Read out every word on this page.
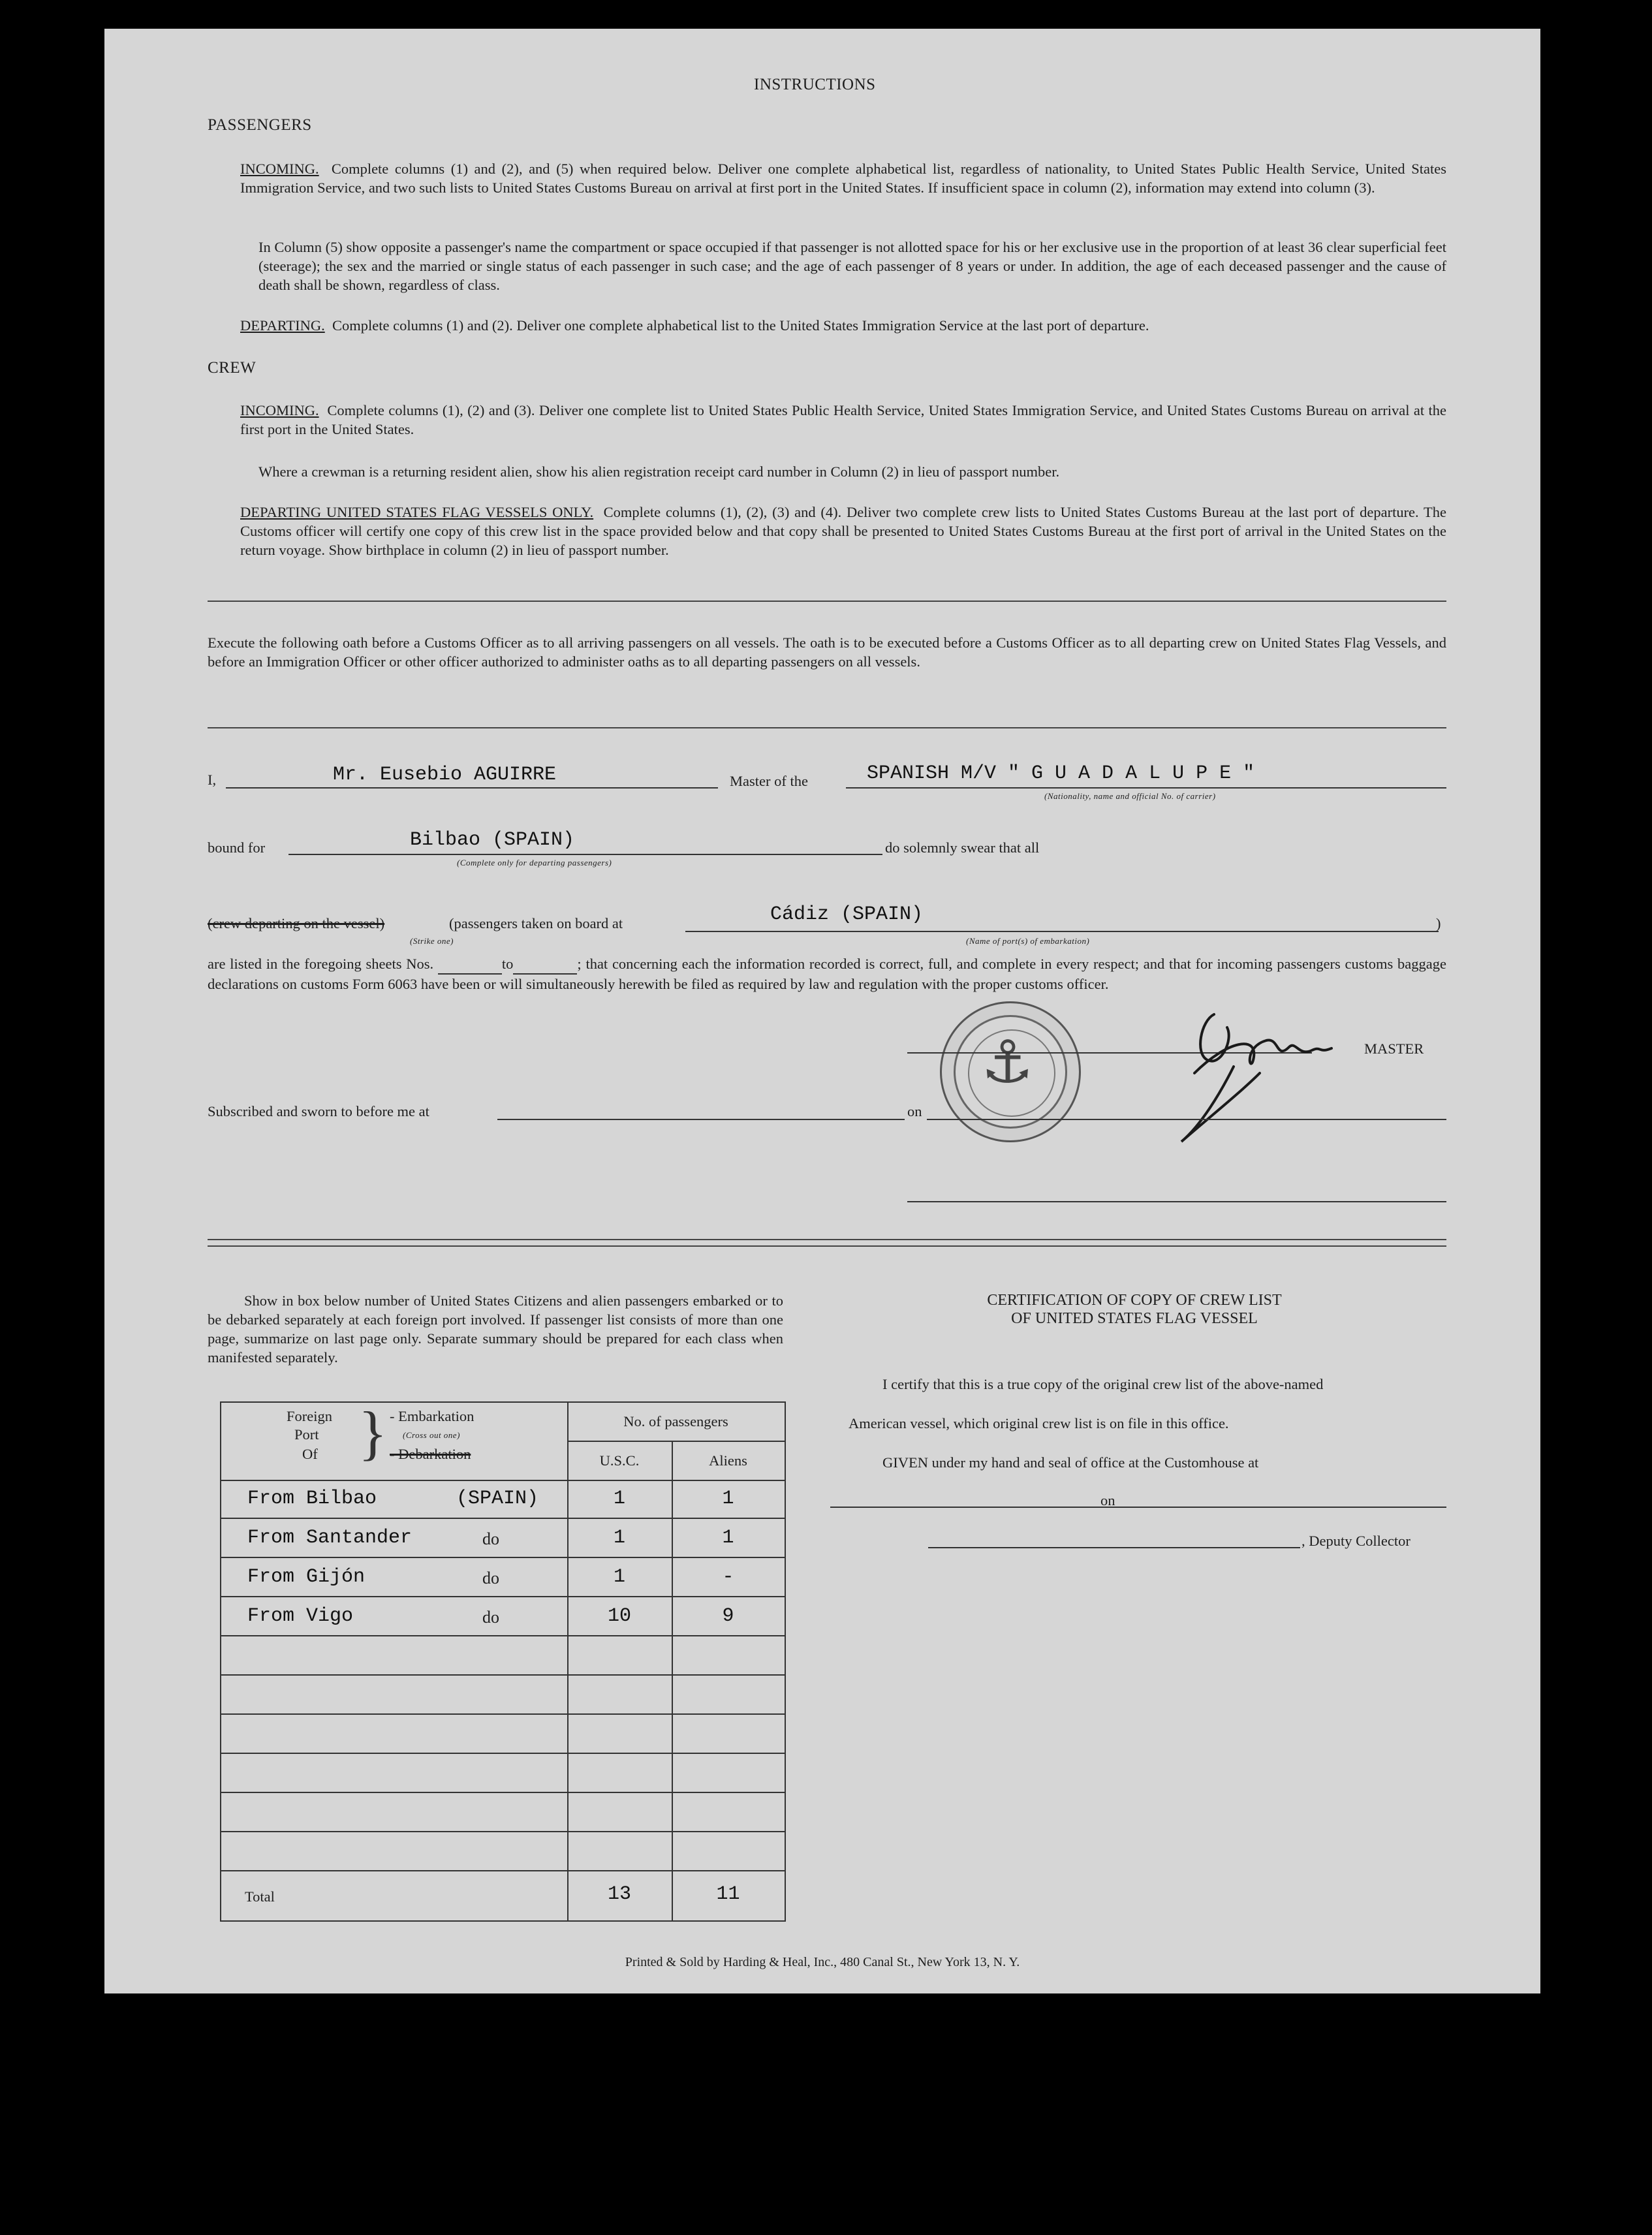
INSTRUCTIONS
PASSENGERS
INCOMING. Complete columns (1) and (2), and (5) when required below. Deliver one complete alphabetical list, regardless of nationality, to United States Public Health Service, United States Immigration Service, and two such lists to United States Customs Bureau on arrival at first port in the United States. If insufficient space in column (2), information may extend into column (3).
In Column (5) show opposite a passenger's name the compartment or space occupied if that passenger is not allotted space for his or her exclusive use in the proportion of at least 36 clear superficial feet (steerage); the sex and the married or single status of each passenger in such case; and the age of each passenger of 8 years or under. In addition, the age of each deceased passenger and the cause of death shall be shown, regardless of class.
DEPARTING. Complete columns (1) and (2). Deliver one complete alphabetical list to the United States Immigration Service at the last port of departure.
CREW
INCOMING. Complete columns (1), (2) and (3). Deliver one complete list to United States Public Health Service, United States Immigration Service, and United States Customs Bureau on arrival at the first port in the United States.
Where a crewman is a returning resident alien, show his alien registration receipt card number in Column (2) in lieu of passport number.
DEPARTING UNITED STATES FLAG VESSELS ONLY. Complete columns (1), (2), (3) and (4). Deliver two complete crew lists to United States Customs Bureau at the last port of departure. The Customs officer will certify one copy of this crew list in the space provided below and that copy shall be presented to United States Customs Bureau at the first port of arrival in the United States on the return voyage. Show birthplace in column (2) in lieu of passport number.
Execute the following oath before a Customs Officer as to all arriving passengers on all vessels. The oath is to be executed before a Customs Officer as to all departing crew on United States Flag Vessels, and before an Immigration Officer or other officer authorized to administer oaths as to all departing passengers on all vessels.
I,	Mr. Eusebio AGUIRRE	Master of the	SPANISH M/V " G U A D A L U P E "
(Nationality, name and official No. of carrier)
bound for	Bilbao (SPAIN)
(Complete only for departing passengers)
do solemnly swear that all
(crew departing on the vessel)	(passengers taken on board at
(Strike one)
Cádiz (SPAIN)	)
(Name of port(s) of embarkation)
are listed in the foregoing sheets Nos.	to	; that concerning each the information recorded is correct, full, and complete in every respect; and that for incoming passengers customs baggage declarations on customs Form 6063 have been or will simultaneously herewith be filed as required by law and regulation with the proper customs officer.
⚓	MASTER
Subscribed and sworn to before me at	on
Show in box below number of United States Citizens and alien passengers embarked or to be debarked separately at each foreign port involved. If passenger list consists of more than one page, summarize on last page only. Separate summary should be prepared for each class when manifested separately.
Foreign
Port
Of } - Embarkation
(Cross out one)
- Debarkation
No. of passengers
U.S.C.	Aliens
From Bilbao	(SPAIN)	1	1
From Santander	do	1	1
From Gijón	do	1	-
From Vigo	do	10	9
Total	13	11
CERTIFICATION OF COPY OF CREW LIST
OF UNITED STATES FLAG VESSEL
I certify that this is a true copy of the original crew list of the above-named
American vessel, which original crew list is on file in this office.
GIVEN under my hand and seal of office at the Customhouse at
on
, Deputy Collector
Printed & Sold by Harding & Heal, Inc., 480 Canal St., New York 13, N. Y.
